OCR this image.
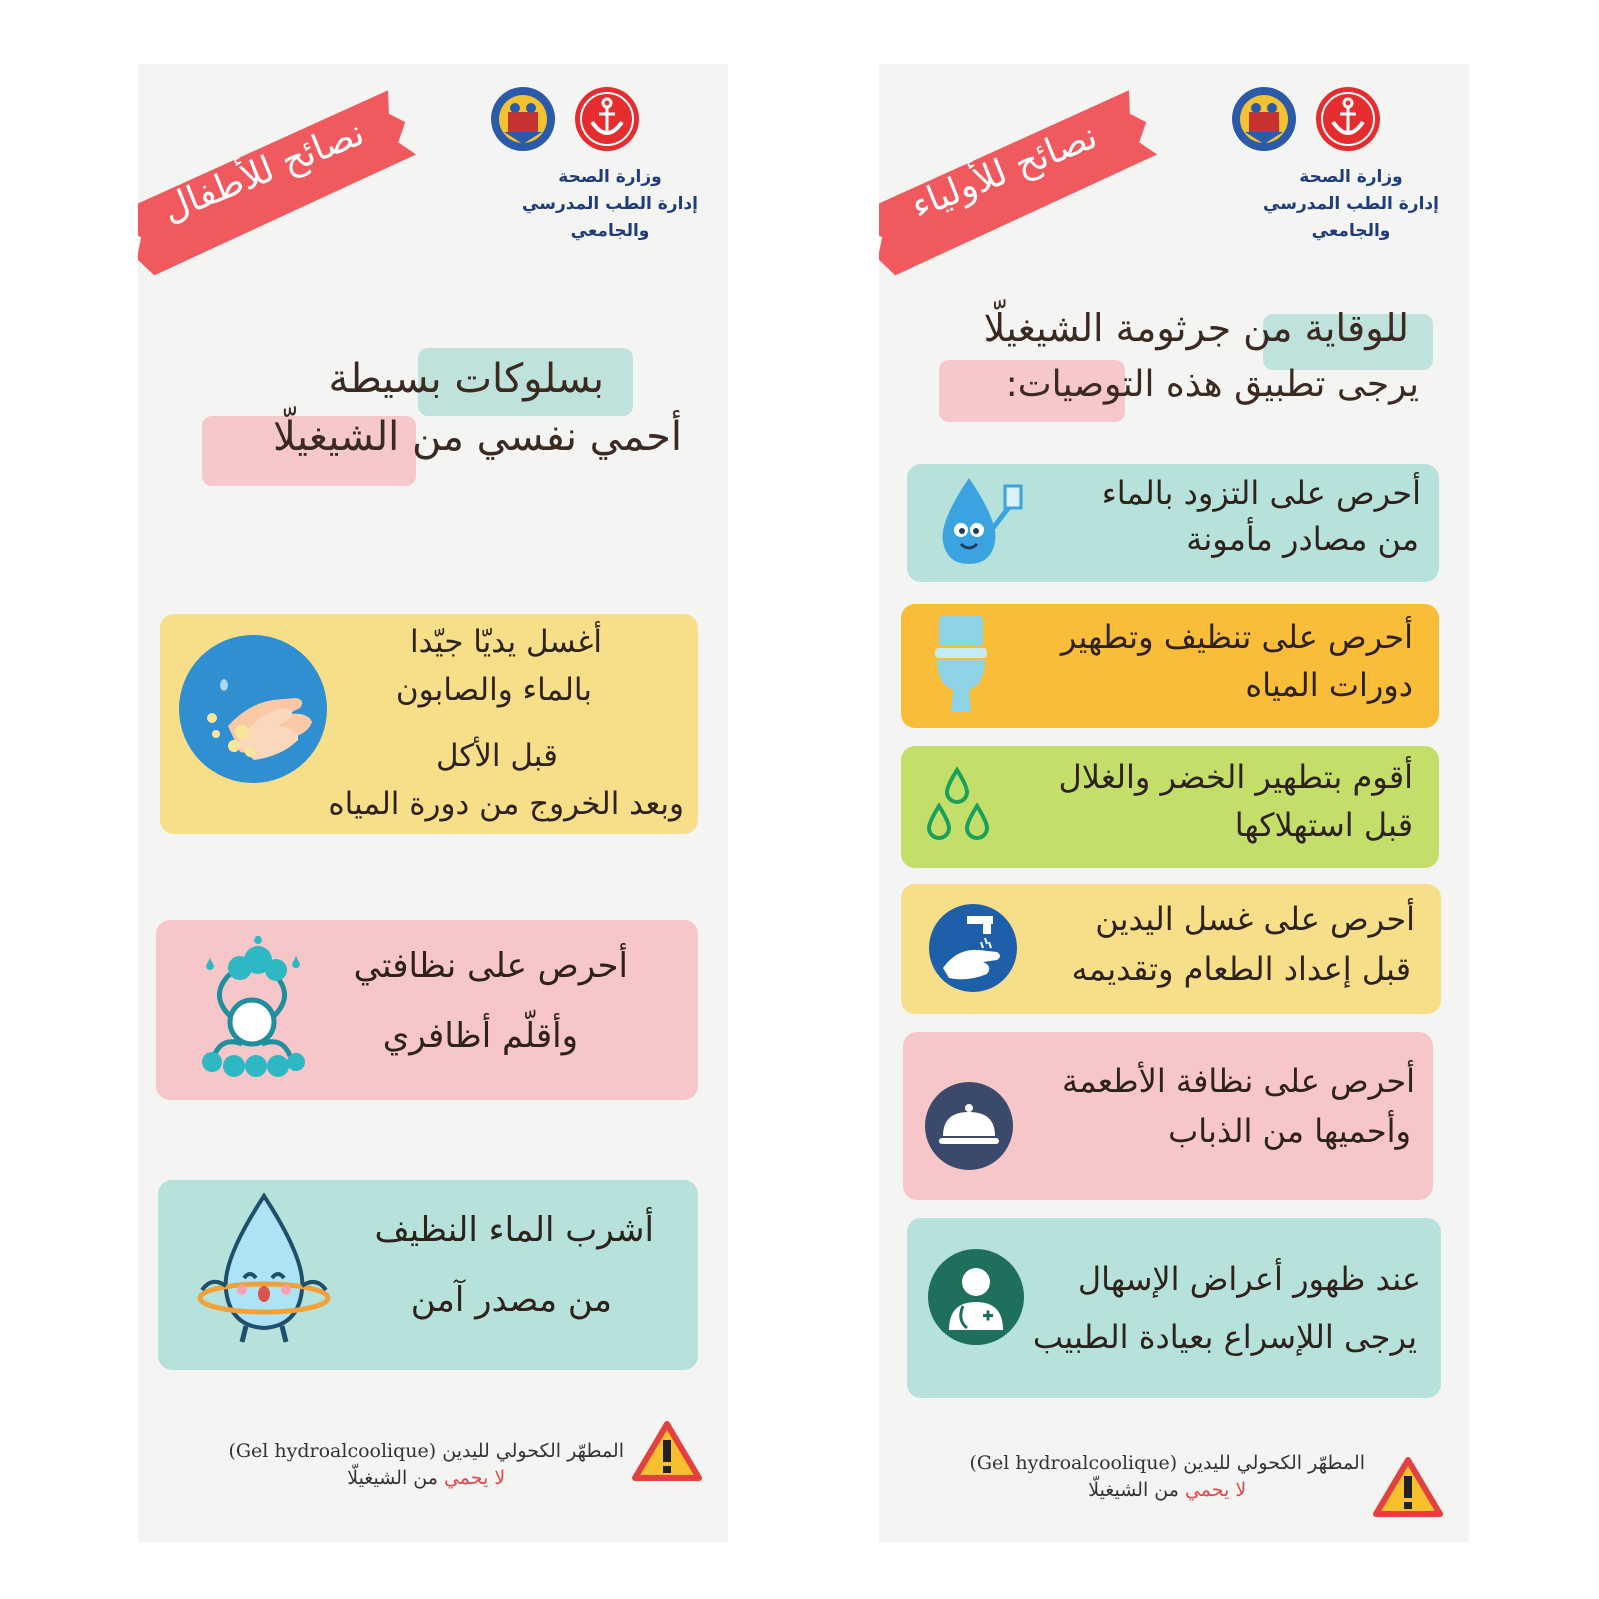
نصائح للأطفال	وزارة الصحة
إدارة الطب المدرسي
والجامعي
بسلوكات بسيطة
أحمي نفسي من الشيغيلّا
أغسل يديّا جيّدا
بالماء والصابون
قبل الأكل
وبعد الخروج من دورة المياه
أحرص على نظافتي
وأقلّم أظافري
أشرب الماء النظيف
من مصدر آمن
المطهّر الكحولي لليدين (Gel hydroalcoolique)
لا يحمي من الشيغيلّا
نصائح للأولياء	وزارة الصحة
إدارة الطب المدرسي
والجامعي
للوقاية من جرثومة الشيغيلّا
يرجى تطبيق هذه التوصيات:
أحرص على التزود بالماء
من مصادر مأمونة
أحرص على تنظيف وتطهير
دورات المياه
أقوم بتطهير الخضر والغلال
قبل استهلاكها
أحرص على غسل اليدين
قبل إعداد الطعام وتقديمه
أحرص على نظافة الأطعمة
وأحميها من الذباب
عند ظهور أعراض الإسهال
يرجى اللإسراع بعيادة الطبيب
المطهّر الكحولي لليدين (Gel hydroalcoolique)
لا يحمي من الشيغيلّا
